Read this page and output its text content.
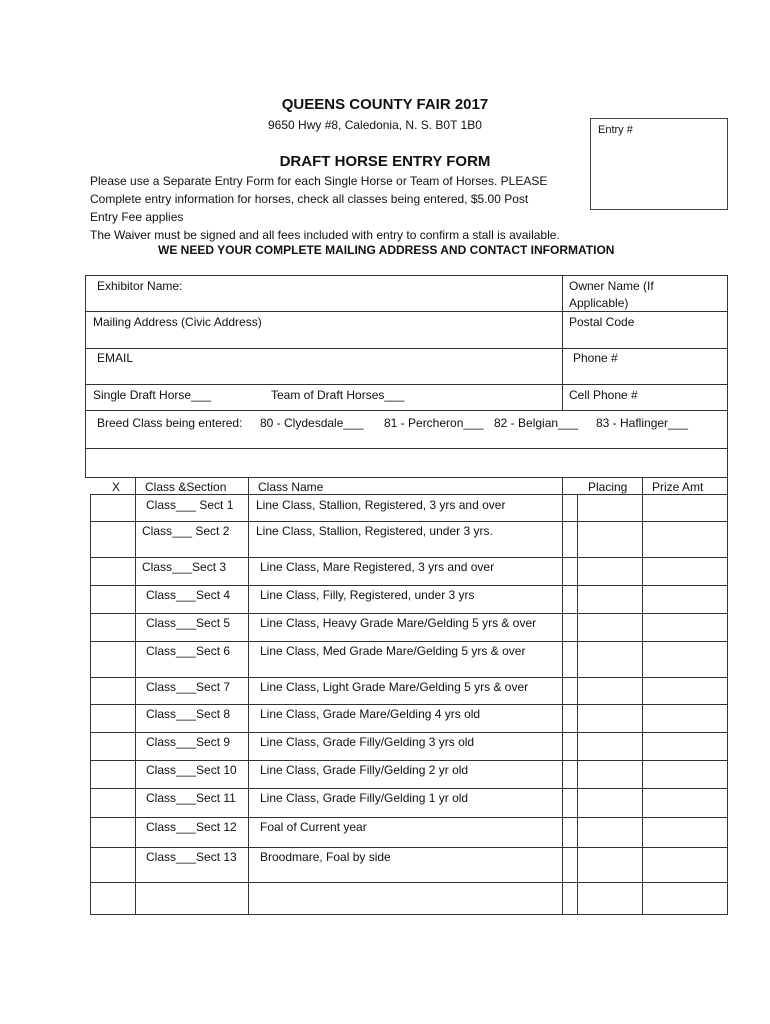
QUEENS COUNTY FAIR 2017
9650 Hwy #8, Caledonia, N. S. B0T 1B0	Entry #
DRAFT HORSE ENTRY FORM
Please use a Separate Entry Form for each Single Horse or Team of Horses. PLEASE
Complete entry information for horses, check all classes being entered, $5.00 Post
Entry Fee applies
The Waiver must be signed and all fees included with entry to confirm a stall is available.
WE NEED YOUR COMPLETE MAILING ADDRESS AND CONTACT INFORMATION
Exhibitor Name:	Owner Name (If
Applicable)
Mailing Address (Civic Address)	Postal Code
EMAIL	Phone #
Single Draft Horse___	Team of Draft Horses___	Cell Phone #
Breed Class being entered: 80 - Clydesdale___ 81 - Percheron___ 82 - Belgian___ 83 - Haflinger___
X Class &Section	Class Name	Placing Prize Amt
Class___ Sect 1 Line Class, Stallion, Registered, 3 yrs and over
Class___ Sect 2 Line Class, Stallion, Registered, under 3 yrs.
Class___Sect 3	Line Class, Mare Registered, 3 yrs and over
Class___Sect 4 Line Class, Filly, Registered, under 3 yrs
Class___Sect 5 Line Class, Heavy Grade Mare/Gelding 5 yrs & over
Class___Sect 6 Line Class, Med Grade Mare/Gelding 5 yrs & over
Class___Sect 7 Line Class, Light Grade Mare/Gelding 5 yrs & over
Class___Sect 8 Line Class, Grade Mare/Gelding 4 yrs old
Class___Sect 9 Line Class, Grade Filly/Gelding 3 yrs old
Class___Sect 10 Line Class, Grade Filly/Gelding 2 yr old
Class___Sect 11 Line Class, Grade Filly/Gelding 1 yr old
Class___Sect 12 Foal of Current year
Class___Sect 13 Broodmare, Foal by side
